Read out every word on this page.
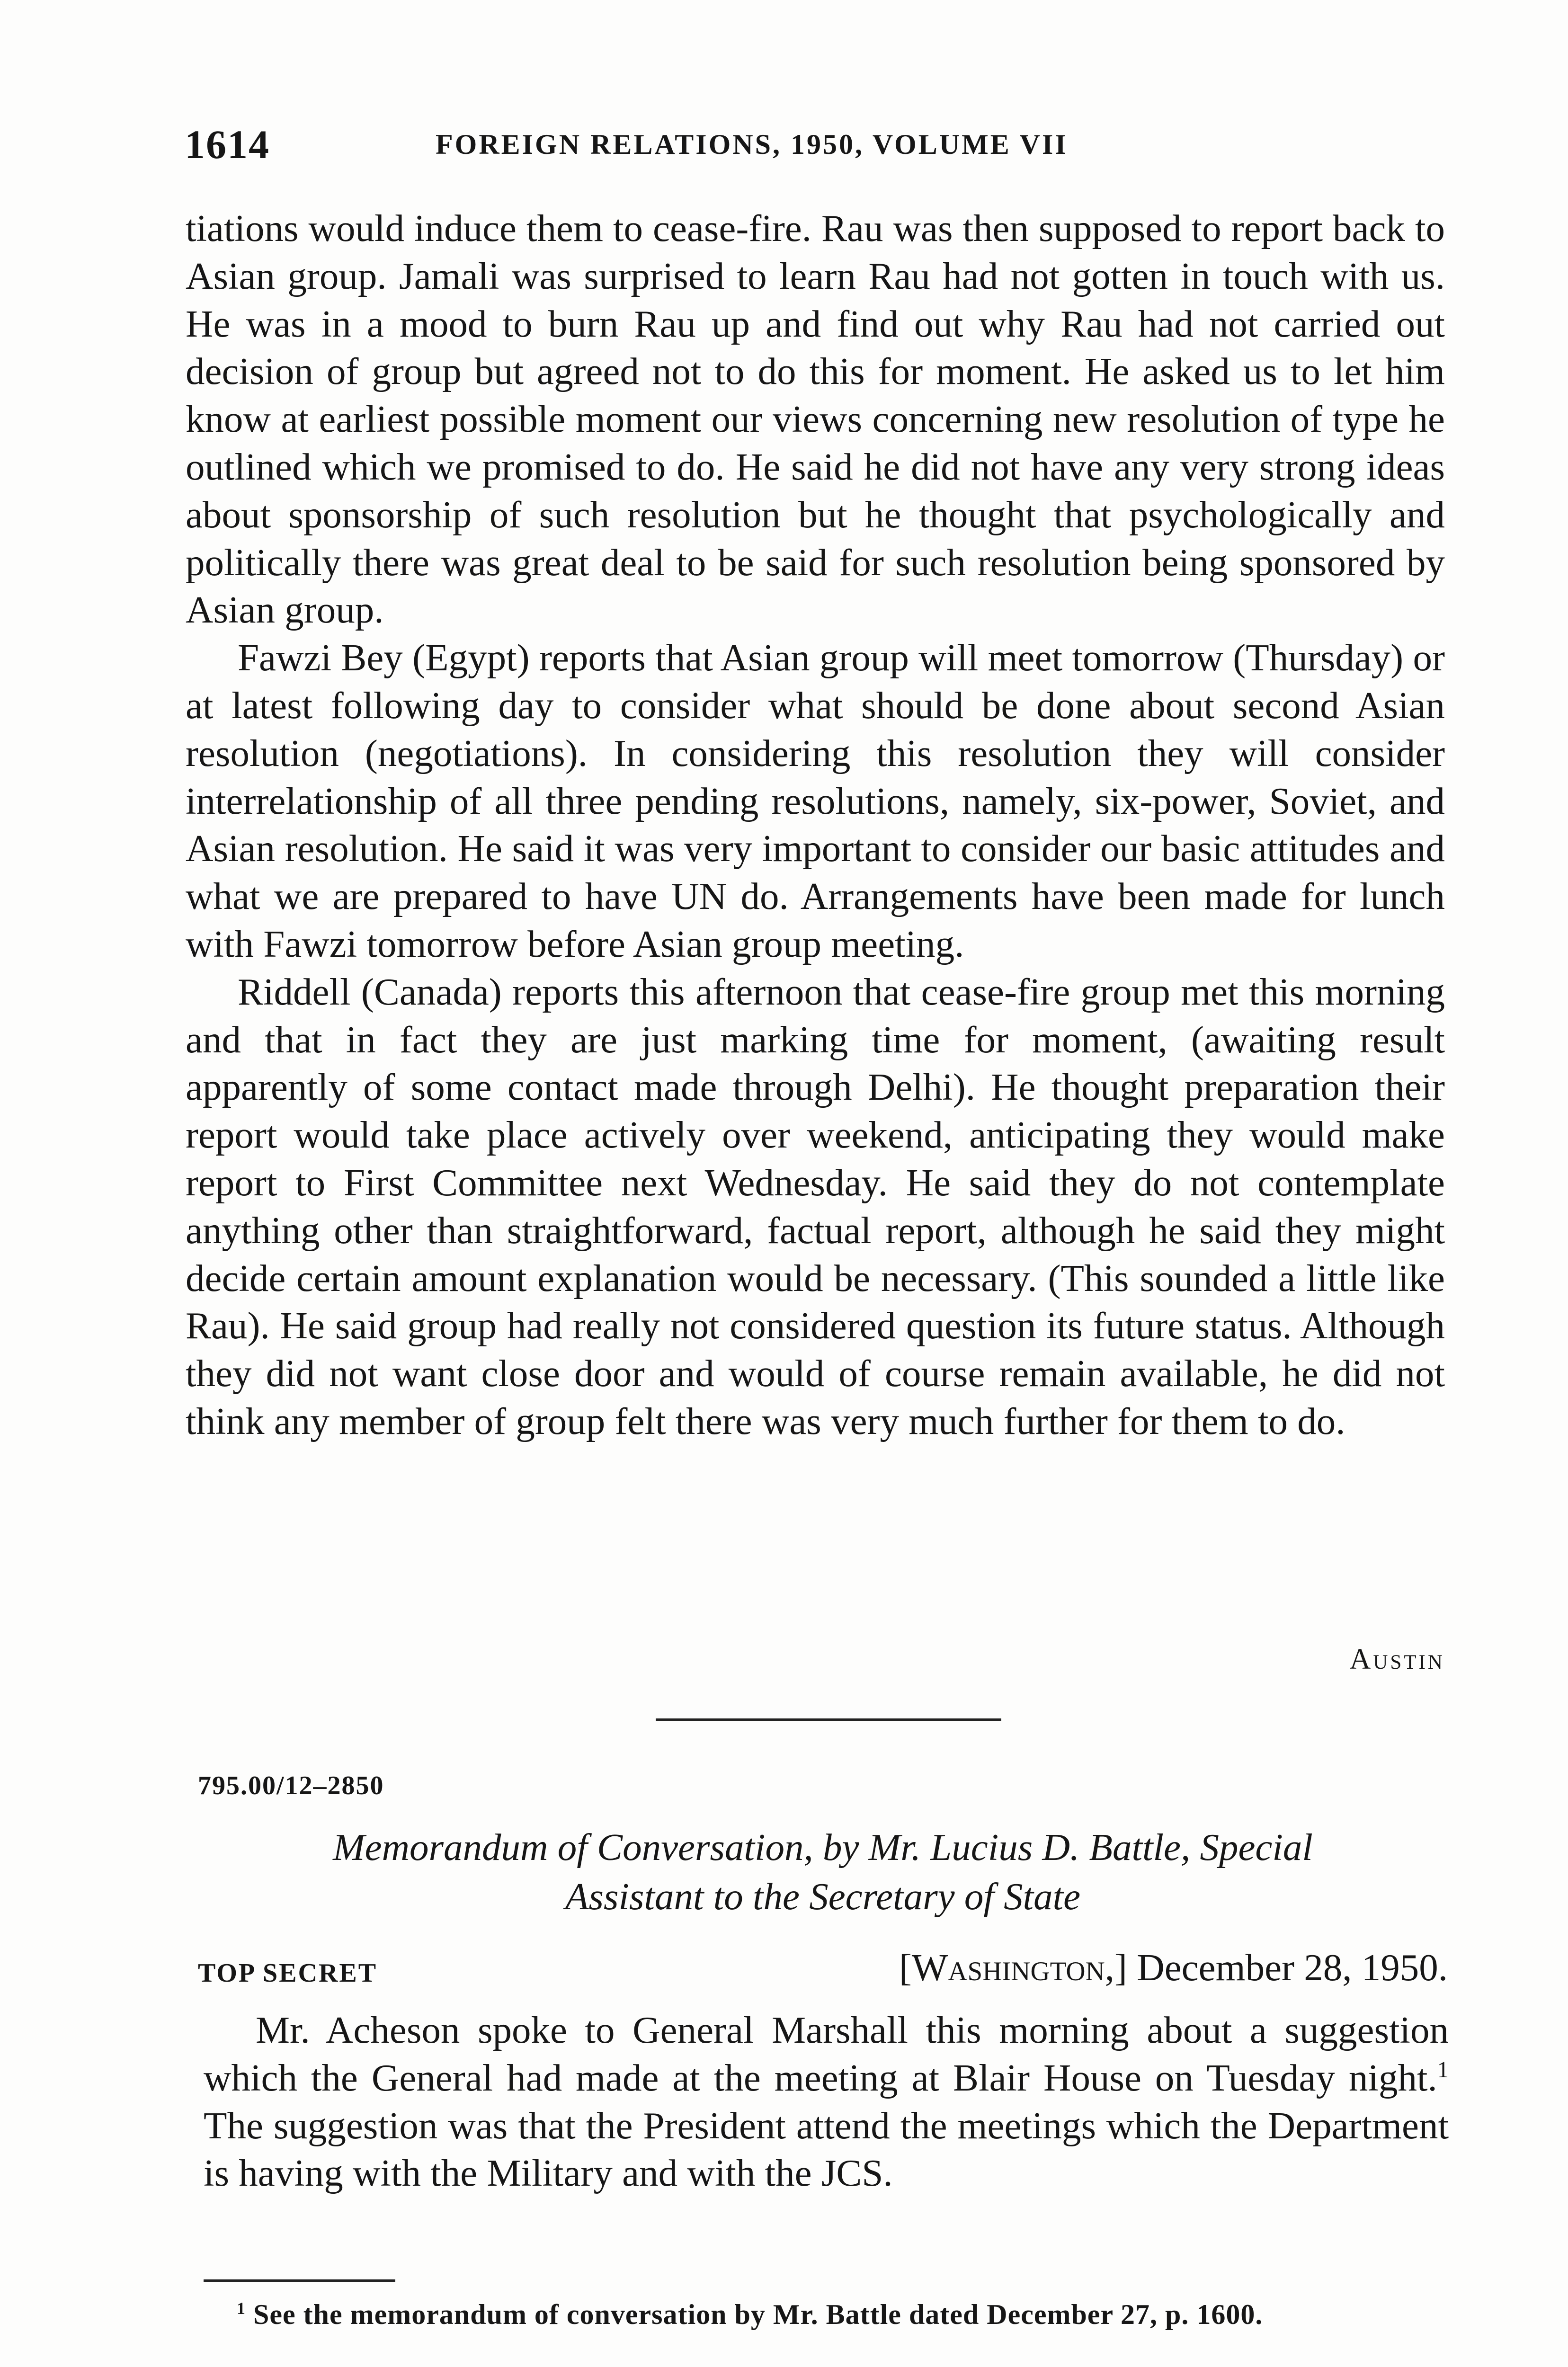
1614	FOREIGN RELATIONS, 1950, VOLUME VII

tiations would induce them to cease-fire. Rau was then supposed to report back to Asian group. Jamali was surprised to learn Rau had not gotten in touch with us. He was in a mood to burn Rau up and find out why Rau had not carried out decision of group but agreed not to do this for moment. He asked us to let him know at earliest possible moment our views concerning new resolution of type he outlined which we promised to do. He said he did not have any very strong ideas about sponsorship of such resolution but he thought that psychologically and politically there was great deal to be said for such resolution being sponsored by Asian group.

Fawzi Bey (Egypt) reports that Asian group will meet tomorrow (Thursday) or at latest following day to consider what should be done about second Asian resolution (negotiations). In considering this resolution they will consider interrelationship of all three pending resolutions, namely, six-power, Soviet, and Asian resolution. He said it was very important to consider our basic attitudes and what we are prepared to have UN do. Arrangements have been made for lunch with Fawzi tomorrow before Asian group meeting.

Riddell (Canada) reports this afternoon that cease-fire group met this morning and that in fact they are just marking time for moment, (awaiting result apparently of some contact made through Delhi). He thought preparation their report would take place actively over weekend, anticipating they would make report to First Committee next Wednesday. He said they do not contemplate anything other than straightforward, factual report, although he said they might decide certain amount explanation would be necessary. (This sounded a little like Rau). He said group had really not considered question its future status. Although they did not want close door and would of course remain available, he did not think any member of group felt there was very much further for them to do.

Austin
795.00/12–2850
Memorandum of Conversation, by Mr. Lucius D. Battle, Special
Assistant to the Secretary of State
TOP SECRET	[Washington,] December 28, 1950.

Mr. Acheson spoke to General Marshall this morning about a suggestion which the General had made at the meeting at Blair House on Tuesday night.$^1$ The suggestion was that the President attend the meetings which the Department is having with the Military and with the JCS.

$^1$ See the memorandum of conversation by Mr. Battle dated December 27, p. 1600.
